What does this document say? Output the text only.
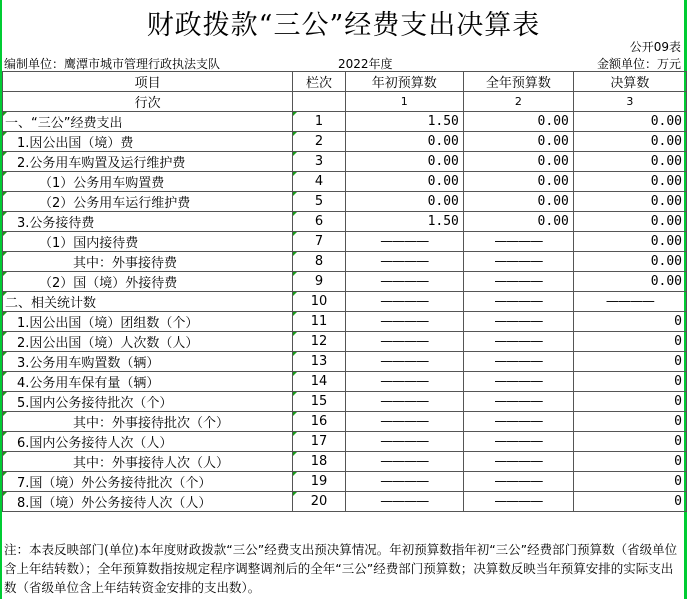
财政拨款“三公”经费支出决算表
公开09表
编制单位：鹰潭市城市管理行政执法支队	2022年度	金额单位：万元
项目	栏次	年初预算数	全年预算数	决算数
行次		1	2	3
一、“三公”经费支出	1	1.50	0.00	0.00
1.因公出国（境）费	2	0.00	0.00	0.00
2.公务用车购置及运行维护费	3	0.00	0.00	0.00
（1）公务用车购置费	4	0.00	0.00	0.00
（2）公务用车运行维护费	5	0.00	0.00	0.00
3.公务接待费	6	1.50	0.00	0.00
（1）国内接待费	7	————	————	0.00
其中：外事接待费	8	————	————	0.00
（2）国（境）外接待费	9	————	————	0.00
二、相关统计数	10	————	————	————
1.因公出国（境）团组数（个）	11	————	————	0
2.因公出国（境）人次数（人）	12	————	————	0
3.公务用车购置数（辆）	13	————	————	0
4.公务用车保有量（辆）	14	————	————	0
5.国内公务接待批次（个）	15	————	————	0
其中：外事接待批次（个）	16	————	————	0
6.国内公务接待人次（人）	17	————	————	0
其中：外事接待人次（人）	18	————	————	0
7.国（境）外公务接待批次（个）	19	————	————	0
8.国（境）外公务接待人次（人）	20	————	————	0
注：本表反映部门(单位)本年度财政拨款“三公”经费支出预决算情况。年初预算数指年初“三公”经费部门预算数（省级单位含上年结转数）；全年预算数指按规定程序调整调剂后的全年“三公”经费部门预算数；决算数反映当年预算安排的实际支出数（省级单位含上年结转资金安排的支出数）。
